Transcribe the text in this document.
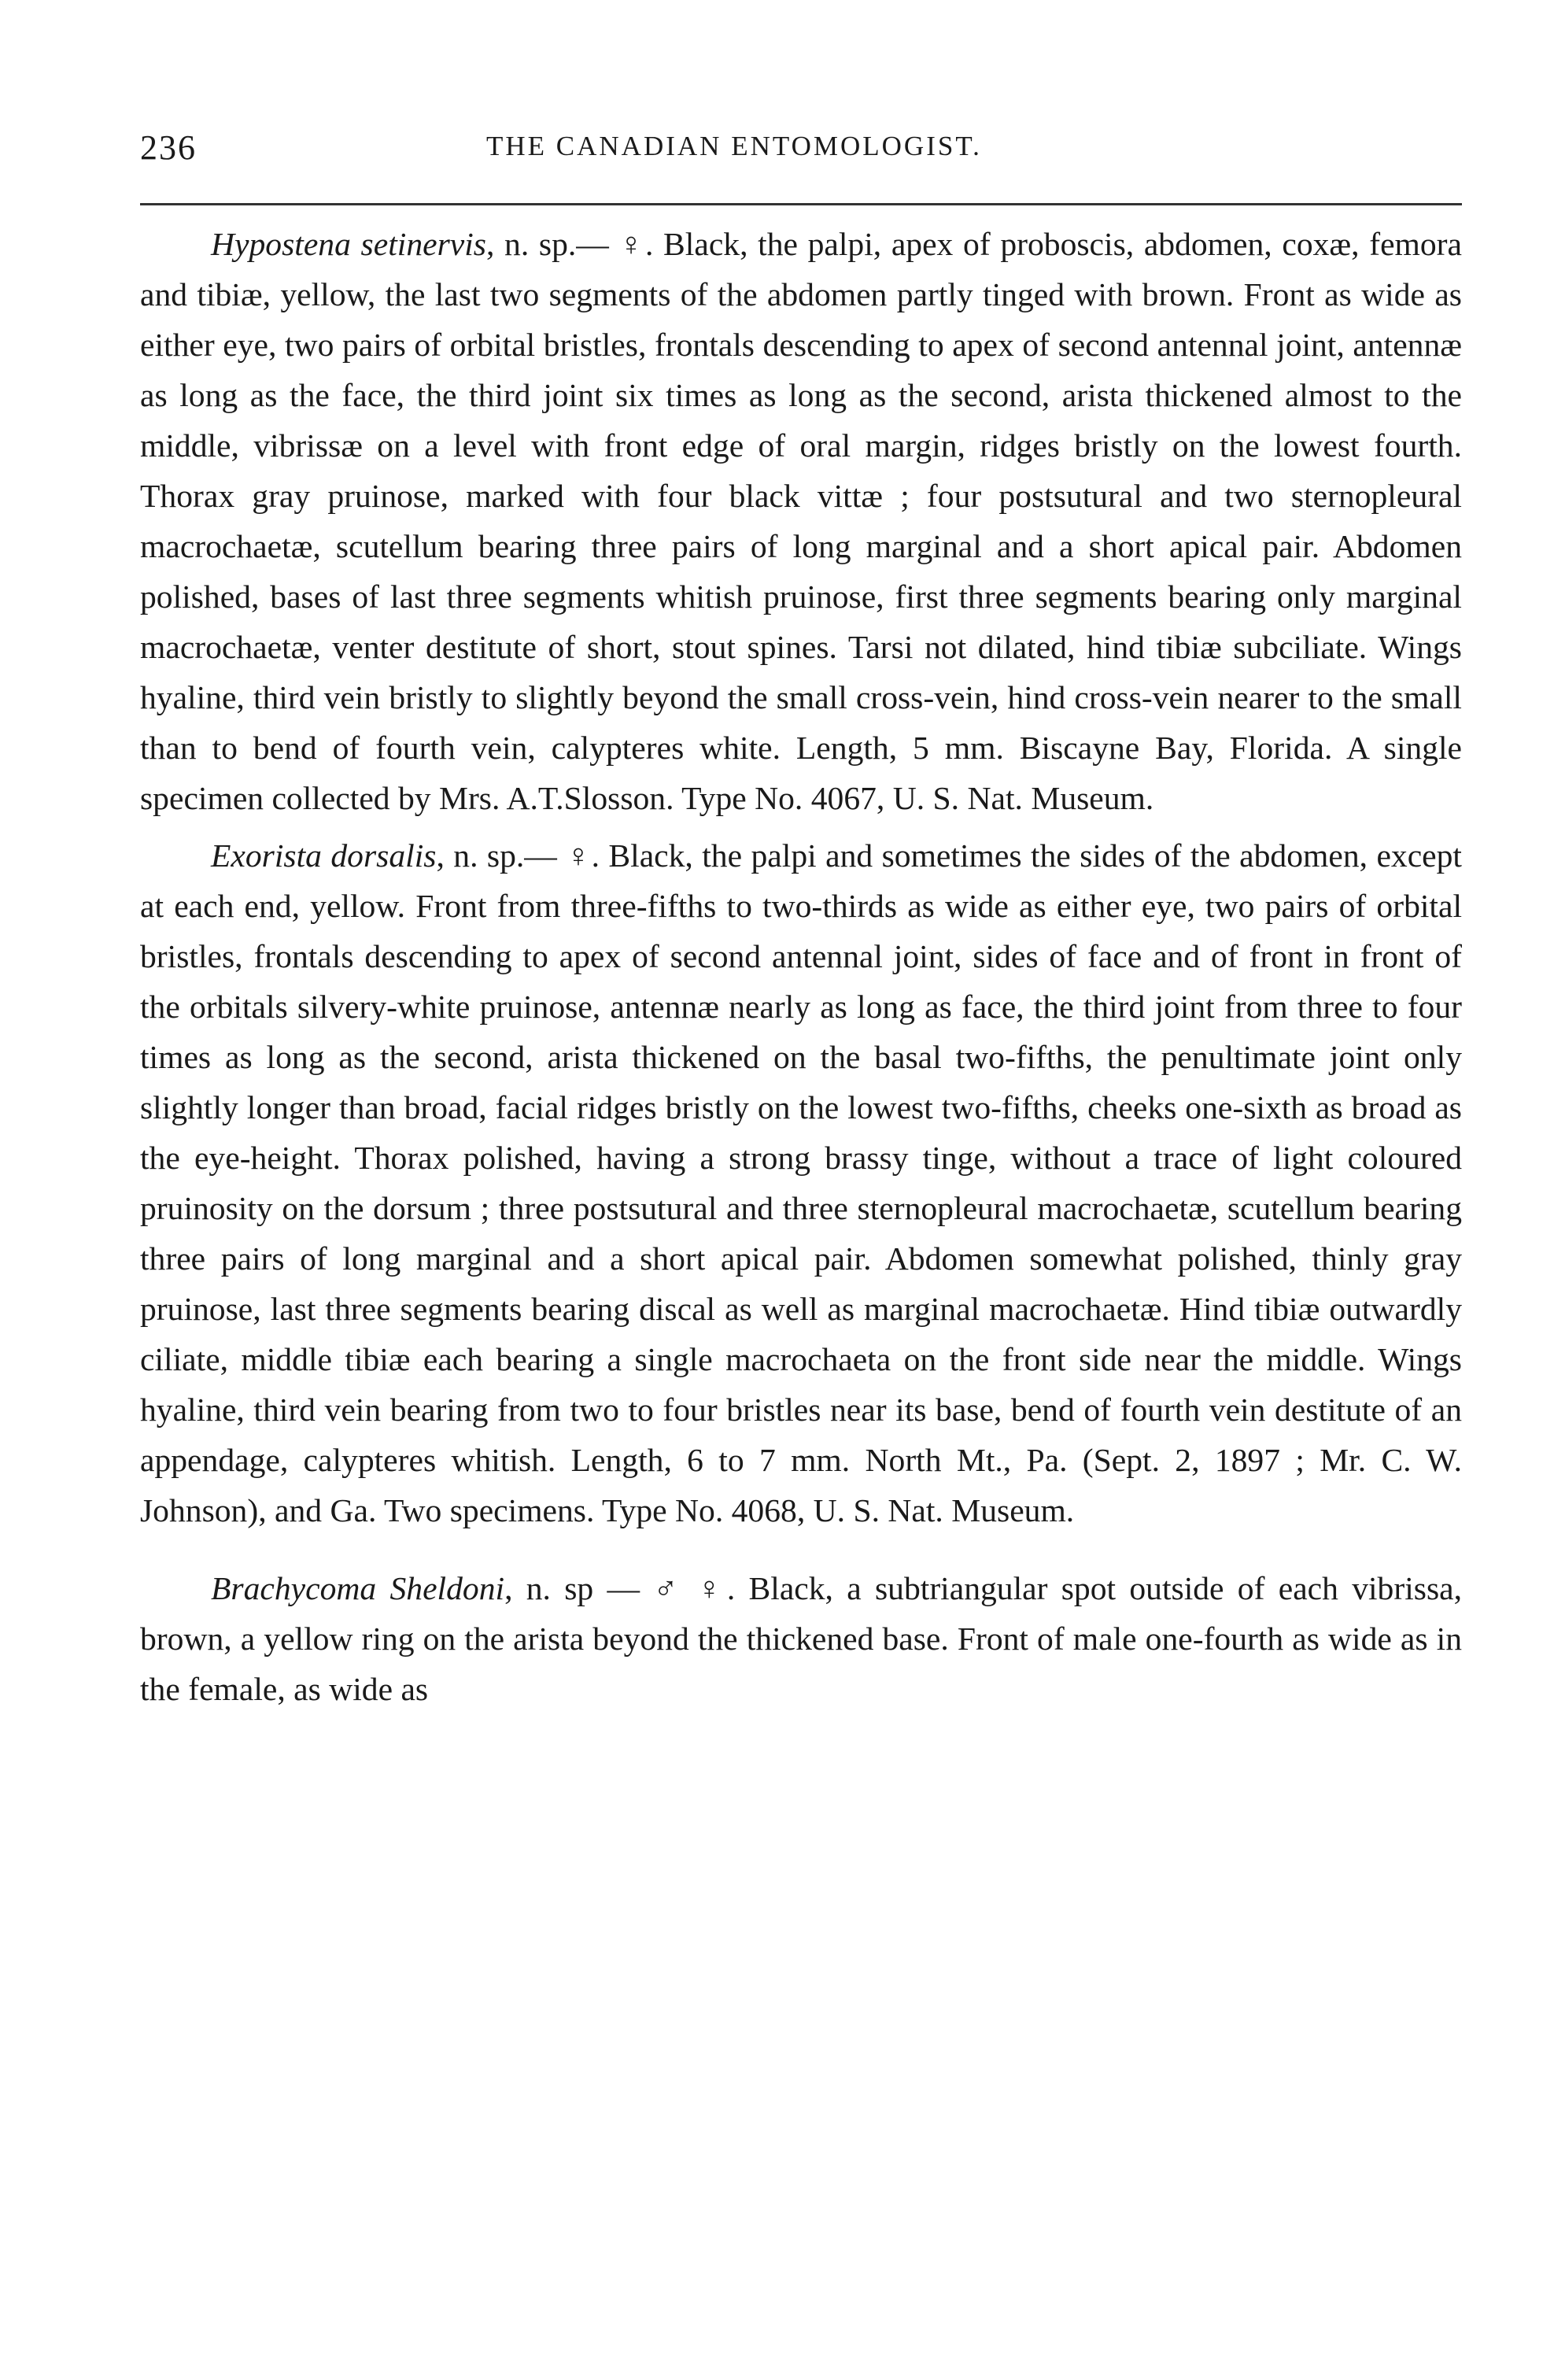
236	THE CANADIAN ENTOMOLOGIST.

Hypostena setinervis, n. sp.— ♀. Black, the palpi, apex of proboscis, abdomen, coxæ, femora and tibiæ, yellow, the last two segments of the abdomen partly tinged with brown. Front as wide as either eye, two pairs of orbital bristles, frontals descending to apex of second antennal joint, antennæ as long as the face, the third joint six times as long as the second, arista thickened almost to the middle, vibrissæ on a level with front edge of oral margin, ridges bristly on the lowest fourth. Thorax gray pruinose, marked with four black vittæ ; four postsutural and two sternopleural macrochaetæ, scutellum bearing three pairs of long marginal and a short apical pair. Abdomen polished, bases of last three segments whitish pruinose, first three segments bearing only marginal macrochaetæ, venter destitute of short, stout spines. Tarsi not dilated, hind tibiæ subciliate. Wings hyaline, third vein bristly to slightly beyond the small cross-vein, hind cross-vein nearer to the small than to bend of fourth vein, calypteres white. Length, 5 mm. Biscayne Bay, Florida. A single specimen collected by Mrs. A.T.Slosson. Type No. 4067, U. S. Nat. Museum.

Exorista dorsalis, n. sp.— ♀. Black, the palpi and sometimes the sides of the abdomen, except at each end, yellow. Front from three-fifths to two-thirds as wide as either eye, two pairs of orbital bristles, frontals descending to apex of second antennal joint, sides of face and of front in front of the orbitals silvery-white pruinose, antennæ nearly as long as face, the third joint from three to four times as long as the second, arista thickened on the basal two-fifths, the penultimate joint only slightly longer than broad, facial ridges bristly on the lowest two-fifths, cheeks one-sixth as broad as the eye-height. Thorax polished, having a strong brassy tinge, without a trace of light coloured pruinosity on the dorsum ; three postsutural and three sternopleural macrochaetæ, scutellum bearing three pairs of long marginal and a short apical pair. Abdomen somewhat polished, thinly gray pruinose, last three segments bearing discal as well as marginal macrochaetæ. Hind tibiæ outwardly ciliate, middle tibiæ each bearing a single macrochaeta on the front side near the middle. Wings hyaline, third vein bearing from two to four bristles near its base, bend of fourth vein destitute of an appendage, calypteres whitish. Length, 6 to 7 mm. North Mt., Pa. (Sept. 2, 1897 ; Mr. C. W. Johnson), and Ga. Two specimens. Type No. 4068, U. S. Nat. Museum.

Brachycoma Sheldoni, n. sp — ♂ ♀. Black, a subtriangular spot outside of each vibrissa, brown, a yellow ring on the arista beyond the thickened base. Front of male one-fourth as wide as in the female, as wide as
